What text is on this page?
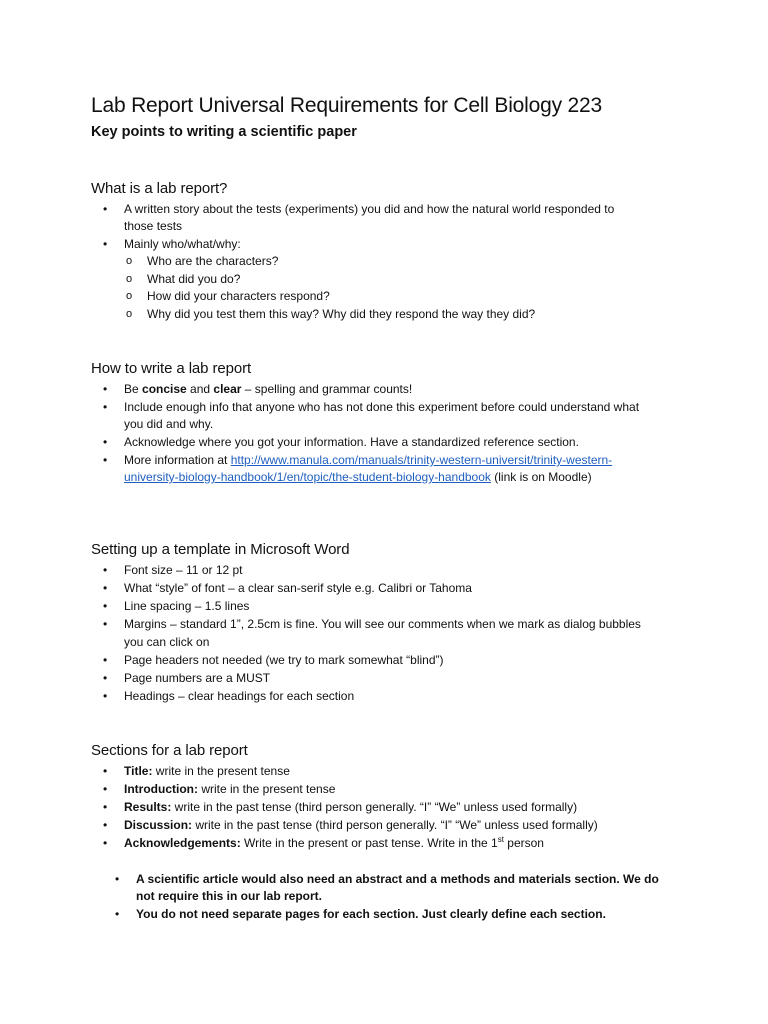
Lab Report Universal Requirements for Cell Biology 223
Key points to writing a scientific paper
What is a lab report?
• A written story about the tests (experiments) you did and how the natural world responded to
those tests
• Mainly who/what/why:
o Who are the characters?
o What did you do?
o How did your characters respond?
o Why did you test them this way? Why did they respond the way they did?
How to write a lab report
• Be concise and clear – spelling and grammar counts!
• Include enough info that anyone who has not done this experiment before could understand what
you did and why.
• Acknowledge where you got your information. Have a standardized reference section.
• More information at http://www.manula.com/manuals/trinity-western-universit/trinity-western-
university-biology-handbook/1/en/topic/the-student-biology-handbook (link is on Moodle)
Setting up a template in Microsoft Word
• Font size – 11 or 12 pt
• What “style” of font – a clear san-serif style e.g. Calibri or Tahoma
• Line spacing – 1.5 lines
• Margins – standard 1”, 2.5cm is fine. You will see our comments when we mark as dialog bubbles
you can click on
• Page headers not needed (we try to mark somewhat “blind”)
• Page numbers are a MUST
• Headings – clear headings for each section
Sections for a lab report
• Title: write in the present tense
• Introduction: write in the present tense
• Results: write in the past tense (third person generally. “I” “We” unless used formally)
• Discussion: write in the past tense (third person generally. “I” “We” unless used formally)
• Acknowledgements: Write in the present or past tense. Write in the 1st person
• A scientific article would also need an abstract and a methods and materials section. We do
not require this in our lab report.
• You do not need separate pages for each section. Just clearly define each section.
